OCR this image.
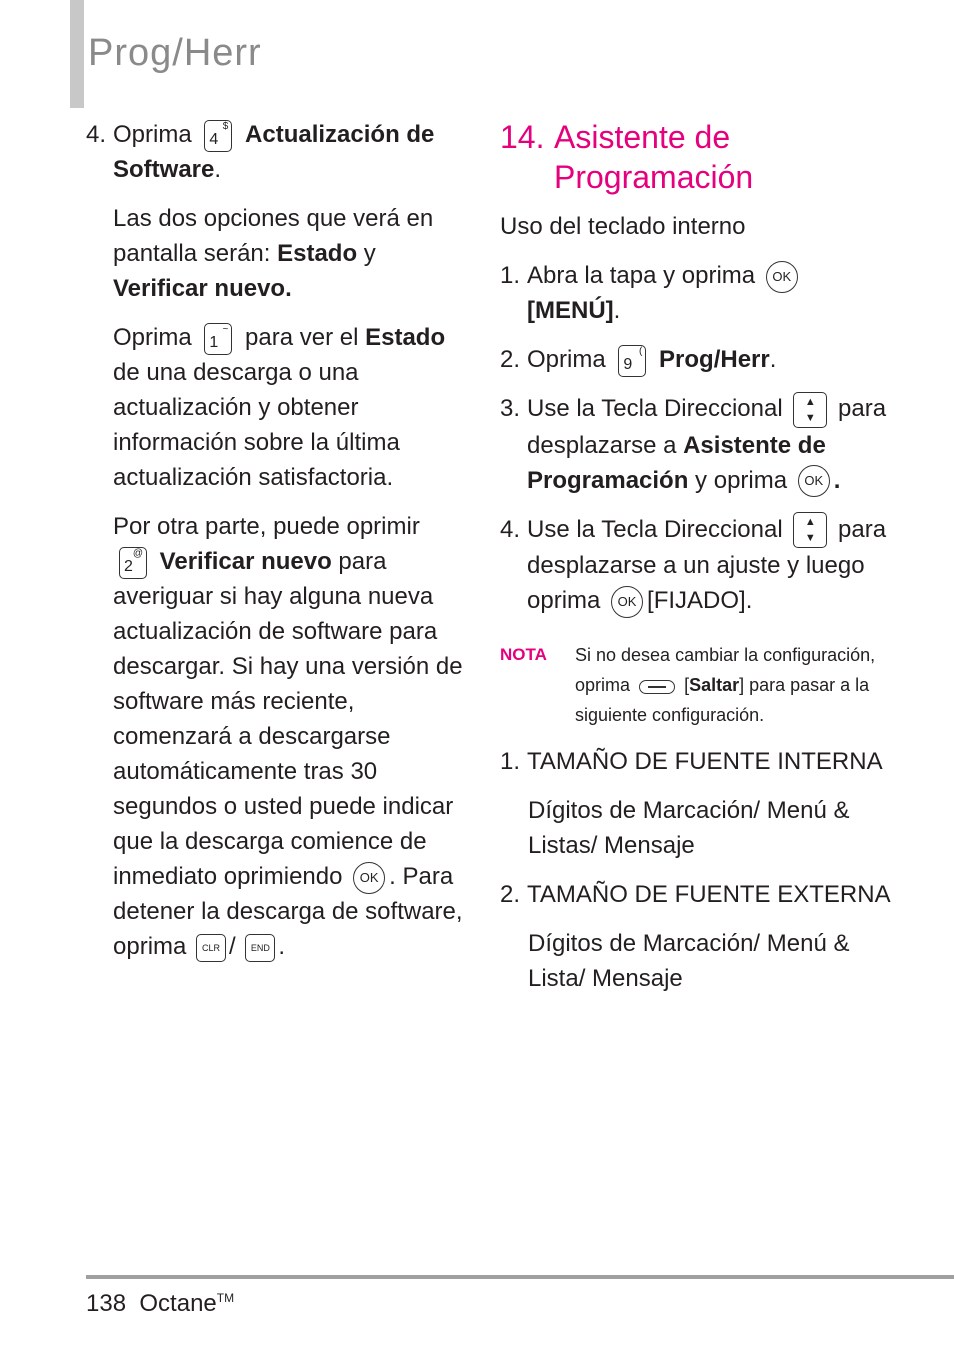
Prog/Herr
4. Oprima	$
4 Actualización de Software.

Las dos opciones que verá en pantalla serán: Estado y Verificar nuevo.

Oprima	~
1 para ver el Estado de una descarga o una actualización y obtener información sobre la última actualización satisfactoria.

Por otra parte, puede oprimir
@
2 Verificar nuevo para averiguar si hay alguna nueva actualización de software para descargar. Si hay una versión de software más reciente, comenzará a descargarse automáticamente tras 30 segundos o usted puede indicar que la descarga comience de inmediato oprimiendo OK . Para detener la descarga de software, oprima CLR / END .

14. Asistente de Programación
Uso del teclado interno
1. Abra la tapa y oprima OK [MENÚ].
2. Oprima	(
9 Prog/Herr.
3. Use la Tecla Direccional ▲
▼ para desplazarse a Asistente de Programación y oprima OK .
4. Use la Tecla Direccional ▲
▼ para desplazarse a un ajuste y luego oprima OK [FIJADO].
NOTA Si no desea cambiar la configuración, oprima	[Saltar] para pasar a la siguiente configuración.
1. TAMAÑO DE FUENTE INTERNA
Dígitos de Marcación/ Menú & Listas/ Mensaje
2. TAMAÑO DE FUENTE EXTERNA
Dígitos de Marcación/ Menú & Lista/ Mensaje
138 Octane™
